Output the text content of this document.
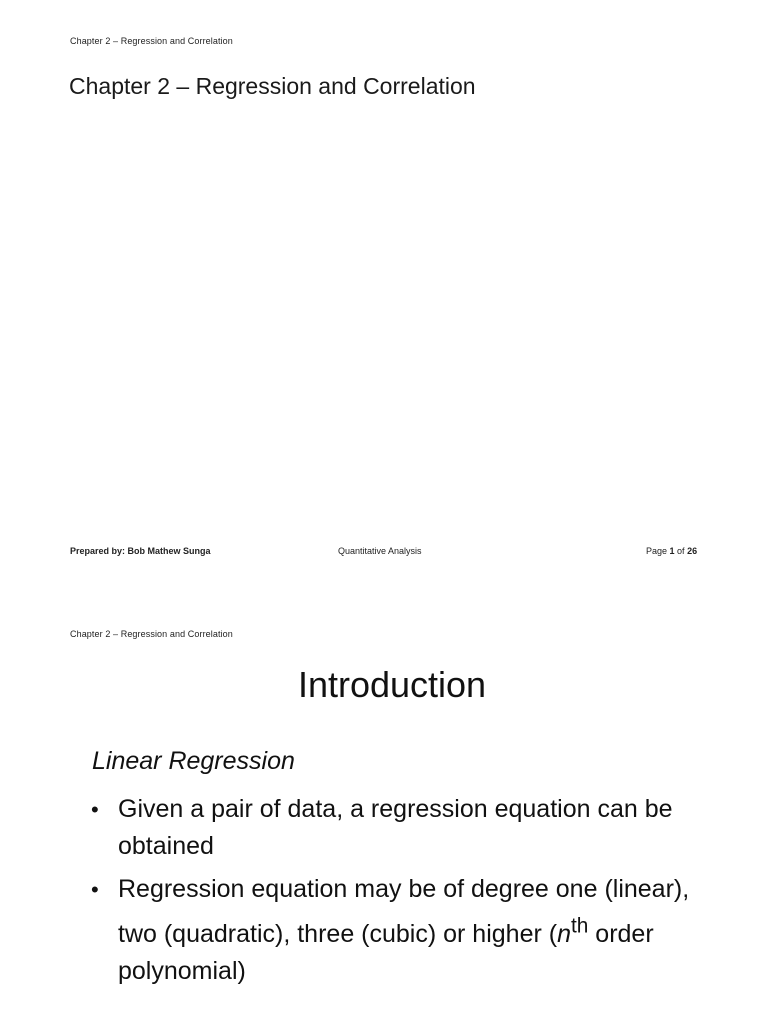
Chapter 2 – Regression and Correlation
Chapter 2 – Regression and Correlation
Prepared by: Bob Mathew Sunga	Quantitative Analysis	Page 1 of 26
Chapter 2 – Regression and Correlation
Introduction
Linear Regression
• Given a pair of data, a regression equation can be obtained
• Regression equation may be of degree one (linear), two (quadratic), three (cubic) or higher ($n^{th}$ order polynomial)
